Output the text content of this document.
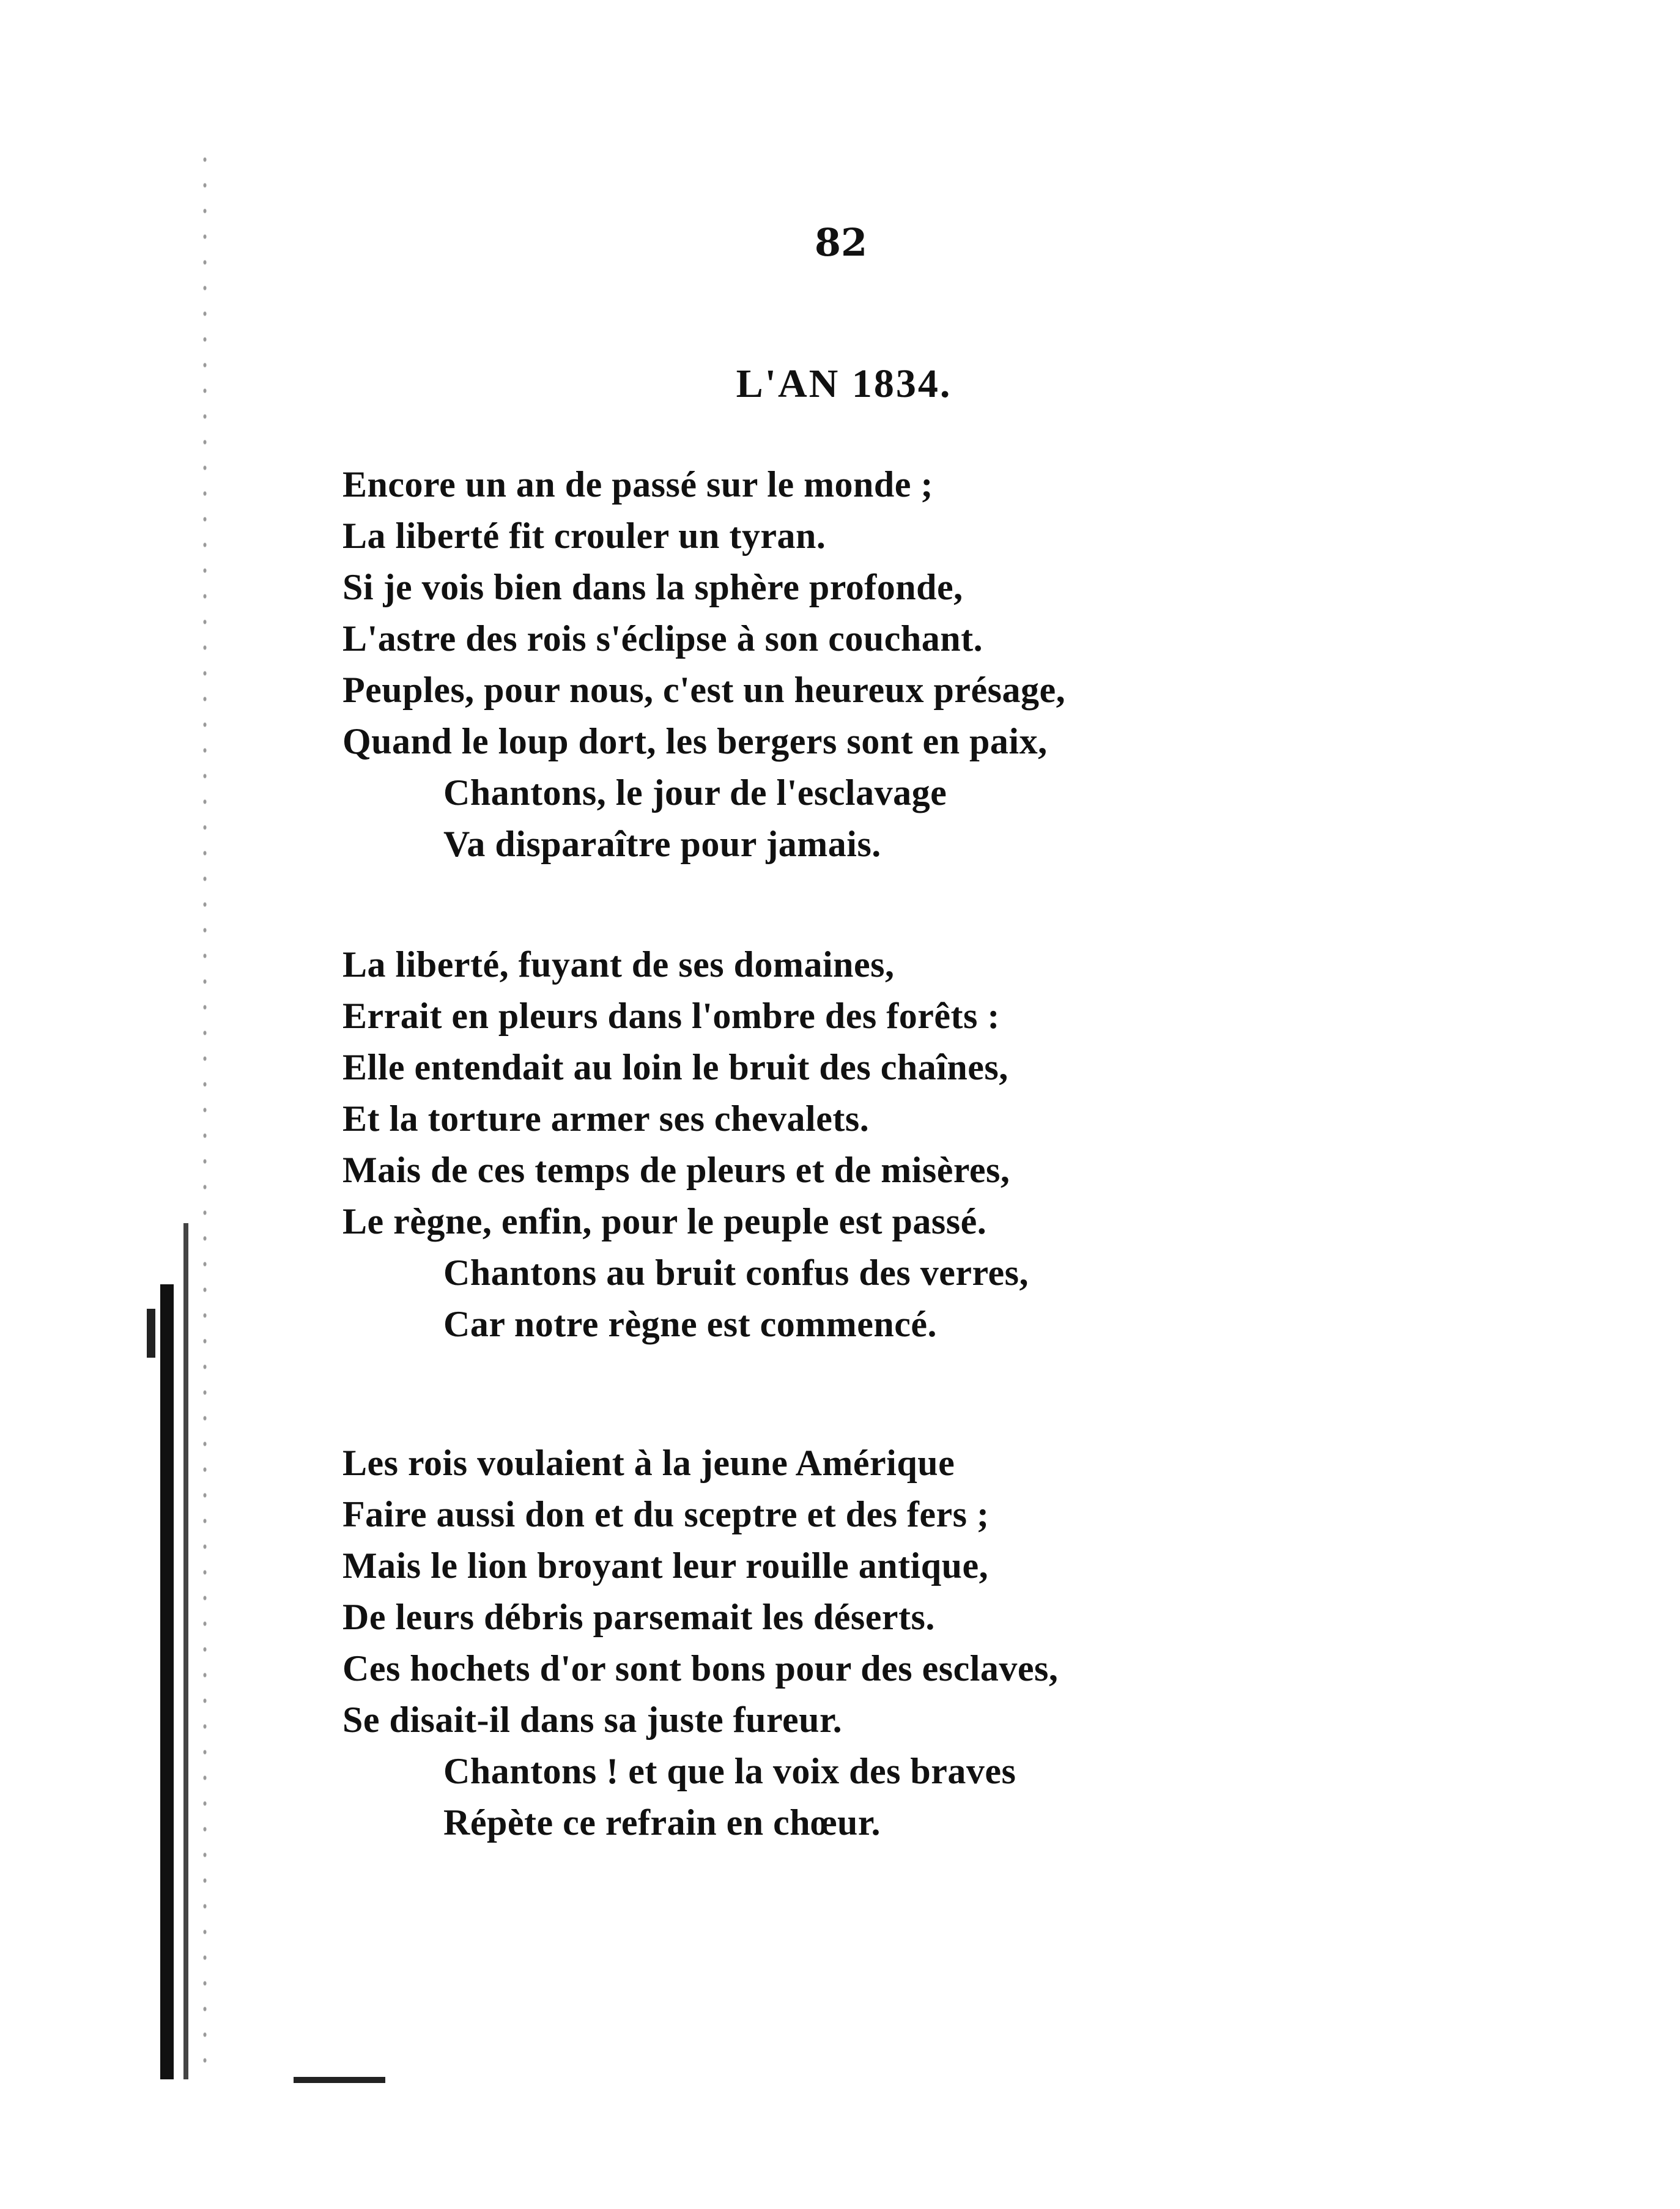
82
L'AN 1834.
Encore un an de passé sur le monde ;
La liberté fit crouler un tyran.
Si je vois bien dans la sphère profonde,
L'astre des rois s'éclipse à son couchant.
Peuples, pour nous, c'est un heureux présage,
Quand le loup dort, les bergers sont en paix,
Chantons, le jour de l'esclavage
Va disparaître pour jamais.
La liberté, fuyant de ses domaines,
Errait en pleurs dans l'ombre des forêts :
Elle entendait au loin le bruit des chaînes,
Et la torture armer ses chevalets.
Mais de ces temps de pleurs et de misères,
Le règne, enfin, pour le peuple est passé.
Chantons au bruit confus des verres,
Car notre règne est commencé.
Les rois voulaient à la jeune Amérique
Faire aussi don et du sceptre et des fers ;
Mais le lion broyant leur rouille antique,
De leurs débris parsemait les déserts.
Ces hochets d'or sont bons pour des esclaves,
Se disait-il dans sa juste fureur.
Chantons ! et que la voix des braves
Répète ce refrain en chœur.
